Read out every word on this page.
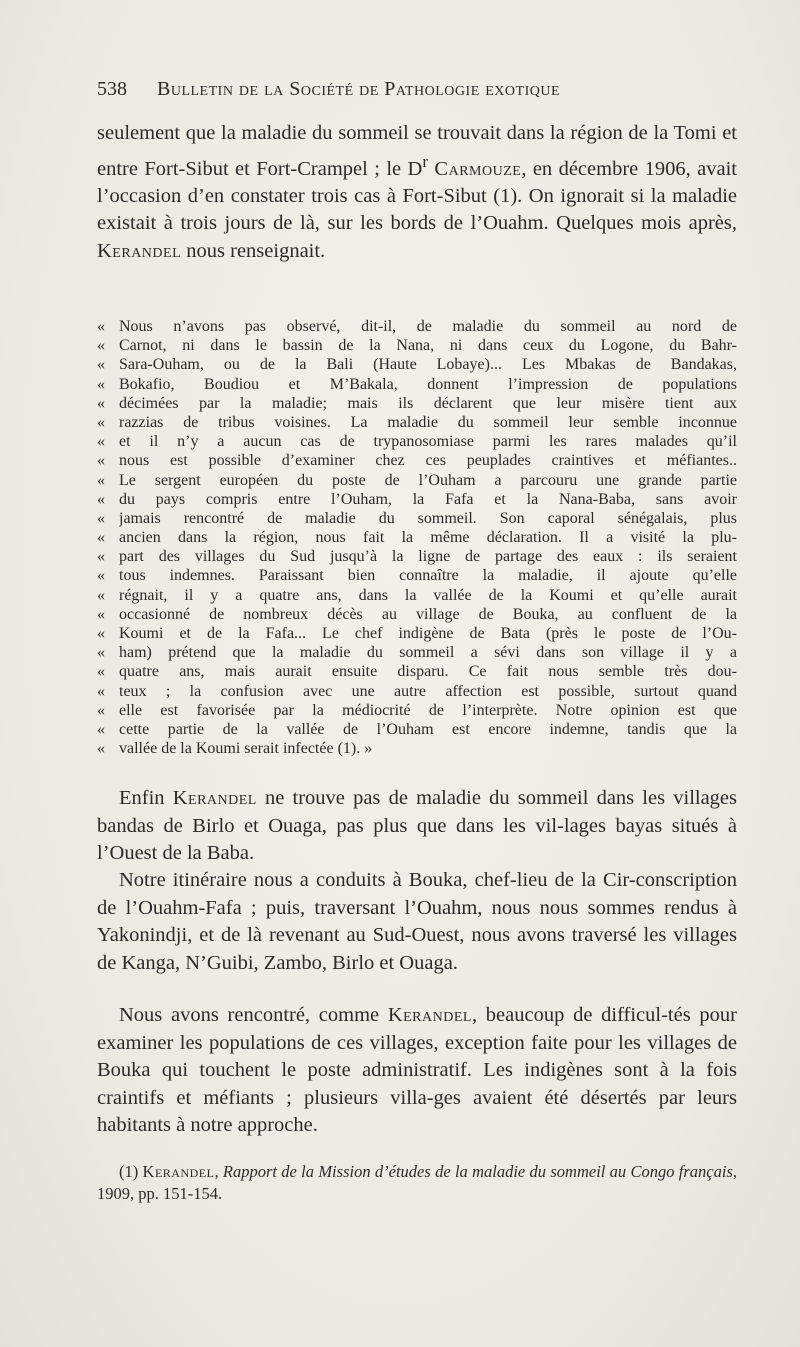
538	Bulletin de la Société de Pathologie exotique

seulement que la maladie du sommeil se trouvait dans la région de la Tomi et entre Fort-Sibut et Fort-Crampel ; le $D^r$ Carmouze, en décembre 1906, avait l’occasion d’en constater trois cas à Fort-Sibut (1). On ignorait si la maladie existait à trois jours de là, sur les bords de l’Ouahm. Quelques mois après, Kerandel nous renseignait.

« Nous n’avons pas observé, dit-il, de maladie du sommeil au nord de
« Carnot, ni dans le bassin de la Nana, ni dans ceux du Logone, du Bahr-
« Sara-Ouham, ou de la Bali (Haute Lobaye)... Les Mbakas de Bandakas,
« Bokafio, Boudiou et M’Bakala, donnent l’impression de populations
« décimées par la maladie; mais ils déclarent que leur misère tient aux
« razzias de tribus voisines. La maladie du sommeil leur semble inconnue
« et il n’y a aucun cas de trypanosomiase parmi les rares malades qu’il
« nous est possible d’examiner chez ces peuplades craintives et méfiantes..
« Le sergent européen du poste de l’Ouham a parcouru une grande partie
« du pays compris entre l’Ouham, la Fafa et la Nana-Baba, sans avoir
« jamais rencontré de maladie du sommeil. Son caporal sénégalais, plus
« ancien dans la région, nous fait la même déclaration. Il a visité la plu-
« part des villages du Sud jusqu’à la ligne de partage des eaux : ils seraient
« tous indemnes. Paraissant bien connaître la maladie, il ajoute qu’elle
« régnait, il y a quatre ans, dans la vallée de la Koumi et qu’elle aurait
« occasionné de nombreux décès au village de Bouka, au confluent de la
« Koumi et de la Fafa... Le chef indigène de Bata (près le poste de l’Ou-
« ham) prétend que la maladie du sommeil a sévi dans son village il y a
« quatre ans, mais aurait ensuite disparu. Ce fait nous semble très dou-
« teux ; la confusion avec une autre affection est possible, surtout quand
« elle est favorisée par la médiocrité de l’interprète. Notre opinion est que
« cette partie de la vallée de l’Ouham est encore indemne, tandis que la
« vallée de la Koumi serait infectée (1). »

Enfin Kerandel ne trouve pas de maladie du sommeil dans les villages bandas de Birlo et Ouaga, pas plus que dans les vil-lages bayas situés à l’Ouest de la Baba.

Notre itinéraire nous a conduits à Bouka, chef-lieu de la Cir-conscription de l’Ouahm-Fafa ; puis, traversant l’Ouahm, nous nous sommes rendus à Yakonindji, et de là revenant au Sud-Ouest, nous avons traversé les villages de Kanga, N’Guibi, Zambo, Birlo et Ouaga.

Nous avons rencontré, comme Kerandel, beaucoup de difficul-tés pour examiner les populations de ces villages, exception faite pour les villages de Bouka qui touchent le poste administratif. Les indigènes sont à la fois craintifs et méfiants ; plusieurs villa-ges avaient été désertés par leurs habitants à notre approche.

(1) Kerandel, Rapport de la Mission d’études de la maladie du sommeil au Congo français, 1909, pp. 151-154.
